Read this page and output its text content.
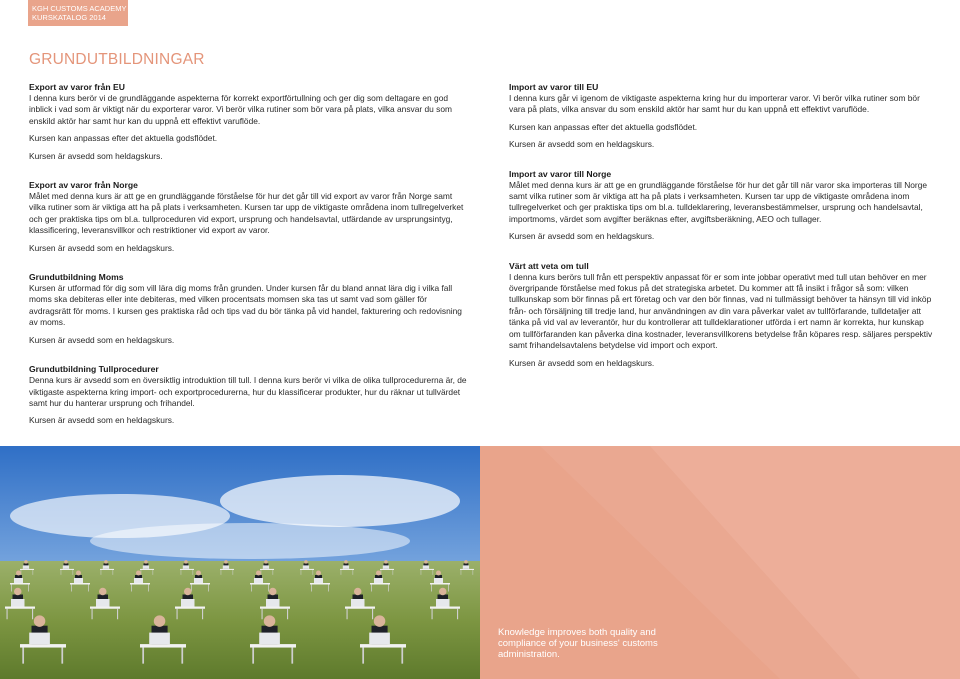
KGH CUSTOMS ACADEMY
KURSKATALOG 2014
GRUNDUTBILDNINGAR
Export av varor från EU

I denna kurs berör vi de grundläggande aspekterna för korrekt exportförtullning och ger dig som deltagare en god inblick i vad som är viktigt när du exporterar varor. Vi berör vilka rutiner som bör vara på plats, vilka ansvar du som enskild aktör har samt hur kan du uppnå ett effektivt varuflöde.

Kursen kan anpassas efter det aktuella godsflödet.

Kursen är avsedd som heldagskurs.

Export av varor från Norge

Målet med denna kurs är att ge en grundläggande förståelse för hur det går till vid export av varor från Norge samt vilka rutiner som är viktiga att ha på plats i verksamheten. Kursen tar upp de viktigaste områdena inom tullregelverket och ger praktiska tips om bl.a. tullproceduren vid export, ursprung och handelsavtal, utfärdande av ursprungsintyg, klassificering, leveransvillkor och restriktioner vid export av varor.

Kursen är avsedd som en heldagskurs.

Grundutbildning Moms

Kursen är utformad för dig som vill lära dig moms från grunden. Under kursen får du bland annat lära dig i vilka fall moms ska debiteras eller inte debiteras, med vilken procentsats momsen ska tas ut samt vad som gäller för avdragsrätt för moms. I kursen ges praktiska råd och tips vad du bör tänka på vid handel, fakturering och redovisning av moms.

Kursen är avsedd som en heldagskurs.

Grundutbildning Tullprocedurer

Denna kurs är avsedd som en översiktlig introduktion till tull. I denna kurs berör vi vilka de olika tullprocedurerna är, de viktigaste aspekterna kring import- och exportprocedurerna, hur du klassificerar produkter, hur du räknar ut tullvärdet samt hur du hanterar ursprung och frihandel.

Kursen är avsedd som en heldagskurs.

Import av varor till EU

I denna kurs går vi igenom de viktigaste aspekterna kring hur du importerar varor. Vi berör vilka rutiner som bör vara på plats, vilka ansvar du som enskild aktör har samt hur du kan uppnå ett effektivt varuflöde.

Kursen kan anpassas efter det aktuella godsflödet.

Kursen är avsedd som en heldagskurs.

Import av varor till Norge

Målet med denna kurs är att ge en grundläggande förståelse för hur det går till när varor ska importeras till Norge samt vilka rutiner som är viktiga att ha på plats i verksamheten. Kursen tar upp de viktigaste områdena inom tullregelverket och ger praktiska tips om bl.a. tulldeklarering, leveransbestämmelser, ursprung och handelsavtal, importmoms, värdet som avgifter beräknas efter, avgiftsberäkning, AEO och tullager.

Kursen är avsedd som en heldagskurs.

Värt att veta om tull

I denna kurs berörs tull från ett perspektiv anpassat för er som inte jobbar operativt med tull utan behöver en mer övergripande förståelse med fokus på det strategiska arbetet. Du kommer att få insikt i frågor så som: vilken tullkunskap som bör finnas på ert företag och var den bör finnas, vad ni tullmässigt behöver ta hänsyn till vid inköp från- och försäljning till tredje land, hur användningen av din vara påverkar valet av tullförfarande, tulldetaljer att tänka på vid val av leverantör, hur du kontrollerar att tulldeklarationer utförda i ert namn är korrekta, hur kunskap om tullförfaranden kan påverka dina kostnader, leveransvillkorens betydelse från köpares resp. säljares perspektiv samt frihandelsavtalens betydelse vid import och export.

Kursen är avsedd som en heldagskurs.

Knowledge improves both quality and compliance of your business' customs administration.
